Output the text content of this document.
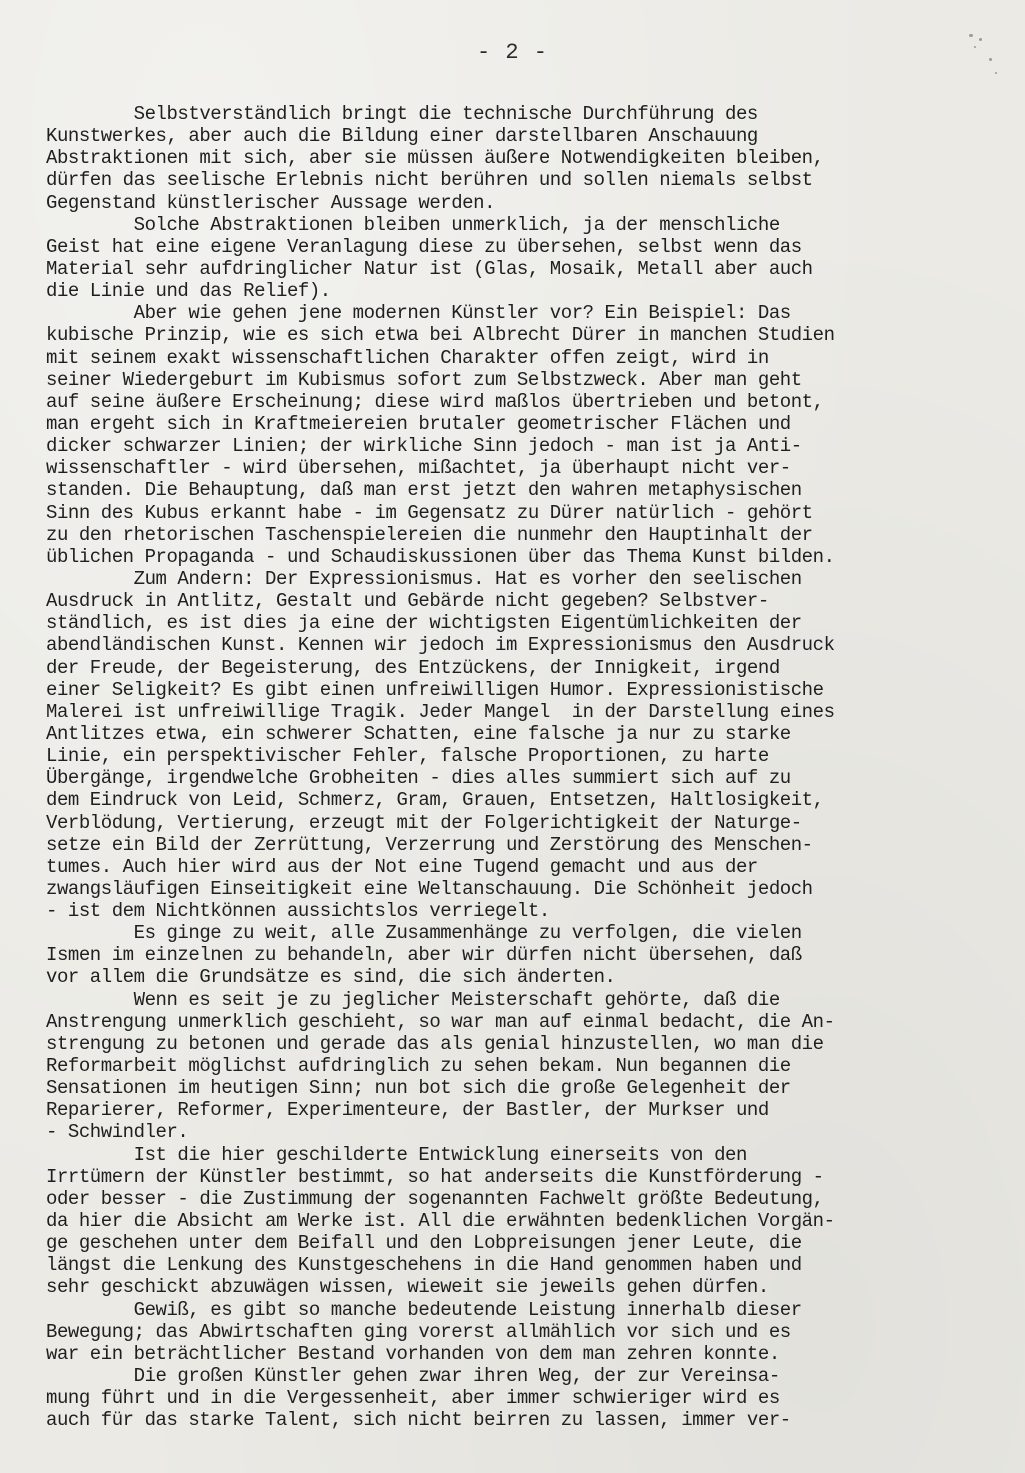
- 2 -
Selbstverständlich bringt die technische Durchführung des
Kunstwerkes, aber auch die Bildung einer darstellbaren Anschauung
Abstraktionen mit sich, aber sie müssen äußere Notwendigkeiten bleiben,
dürfen das seelische Erlebnis nicht berühren und sollen niemals selbst
Gegenstand künstlerischer Aussage werden.
Solche Abstraktionen bleiben unmerklich, ja der menschliche
Geist hat eine eigene Veranlagung diese zu übersehen, selbst wenn das
Material sehr aufdringlicher Natur ist (Glas, Mosaik, Metall aber auch
die Linie und das Relief).
Aber wie gehen jene modernen Künstler vor? Ein Beispiel: Das
kubische Prinzip, wie es sich etwa bei Albrecht Dürer in manchen Studien
mit seinem exakt wissenschaftlichen Charakter offen zeigt, wird in
seiner Wiedergeburt im Kubismus sofort zum Selbstzweck. Aber man geht
auf seine äußere Erscheinung; diese wird maßlos übertrieben und betont,
man ergeht sich in Kraftmeiereien brutaler geometrischer Flächen und
dicker schwarzer Linien; der wirkliche Sinn jedoch - man ist ja Anti-
wissenschaftler - wird übersehen, mißachtet, ja überhaupt nicht ver-
standen. Die Behauptung, daß man erst jetzt den wahren metaphysischen
Sinn des Kubus erkannt habe - im Gegensatz zu Dürer natürlich - gehört
zu den rhetorischen Taschenspielereien die nunmehr den Hauptinhalt der
üblichen Propaganda - und Schaudiskussionen über das Thema Kunst bilden.
Zum Andern: Der Expressionismus. Hat es vorher den seelischen
Ausdruck in Antlitz, Gestalt und Gebärde nicht gegeben? Selbstver-
ständlich, es ist dies ja eine der wichtigsten Eigentümlichkeiten der
abendländischen Kunst. Kennen wir jedoch im Expressionismus den Ausdruck
der Freude, der Begeisterung, des Entzückens, der Innigkeit, irgend
einer Seligkeit? Es gibt einen unfreiwilligen Humor. Expressionistische
Malerei ist unfreiwillige Tragik. Jeder Mangel  in der Darstellung eines
Antlitzes etwa, ein schwerer Schatten, eine falsche ja nur zu starke
Linie, ein perspektivischer Fehler, falsche Proportionen, zu harte
Übergänge, irgendwelche Grobheiten - dies alles summiert sich auf zu
dem Eindruck von Leid, Schmerz, Gram, Grauen, Entsetzen, Haltlosigkeit,
Verblödung, Vertierung, erzeugt mit der Folgerichtigkeit der Naturge-
setze ein Bild der Zerrüttung, Verzerrung und Zerstörung des Menschen-
tumes. Auch hier wird aus der Not eine Tugend gemacht und aus der
zwangsläufigen Einseitigkeit eine Weltanschauung. Die Schönheit jedoch
- ist dem Nichtkönnen aussichtslos verriegelt.
Es ginge zu weit, alle Zusammenhänge zu verfolgen, die vielen
Ismen im einzelnen zu behandeln, aber wir dürfen nicht übersehen, daß
vor allem die Grundsätze es sind, die sich änderten.
Wenn es seit je zu jeglicher Meisterschaft gehörte, daß die
Anstrengung unmerklich geschieht, so war man auf einmal bedacht, die An-
strengung zu betonen und gerade das als genial hinzustellen, wo man die
Reformarbeit möglichst aufdringlich zu sehen bekam. Nun begannen die
Sensationen im heutigen Sinn; nun bot sich die große Gelegenheit der
Reparierer, Reformer, Experimenteure, der Bastler, der Murkser und
- Schwindler.
Ist die hier geschilderte Entwicklung einerseits von den
Irrtümern der Künstler bestimmt, so hat anderseits die Kunstförderung -
oder besser - die Zustimmung der sogenannten Fachwelt größte Bedeutung,
da hier die Absicht am Werke ist. All die erwähnten bedenklichen Vorgän-
ge geschehen unter dem Beifall und den Lobpreisungen jener Leute, die
längst die Lenkung des Kunstgeschehens in die Hand genommen haben und
sehr geschickt abzuwägen wissen, wieweit sie jeweils gehen dürfen.
Gewiß, es gibt so manche bedeutende Leistung innerhalb dieser
Bewegung; das Abwirtschaften ging vorerst allmählich vor sich und es
war ein beträchtlicher Bestand vorhanden von dem man zehren konnte.
Die großen Künstler gehen zwar ihren Weg, der zur Vereinsa-
mung führt und in die Vergessenheit, aber immer schwieriger wird es
auch für das starke Talent, sich nicht beirren zu lassen, immer ver-
